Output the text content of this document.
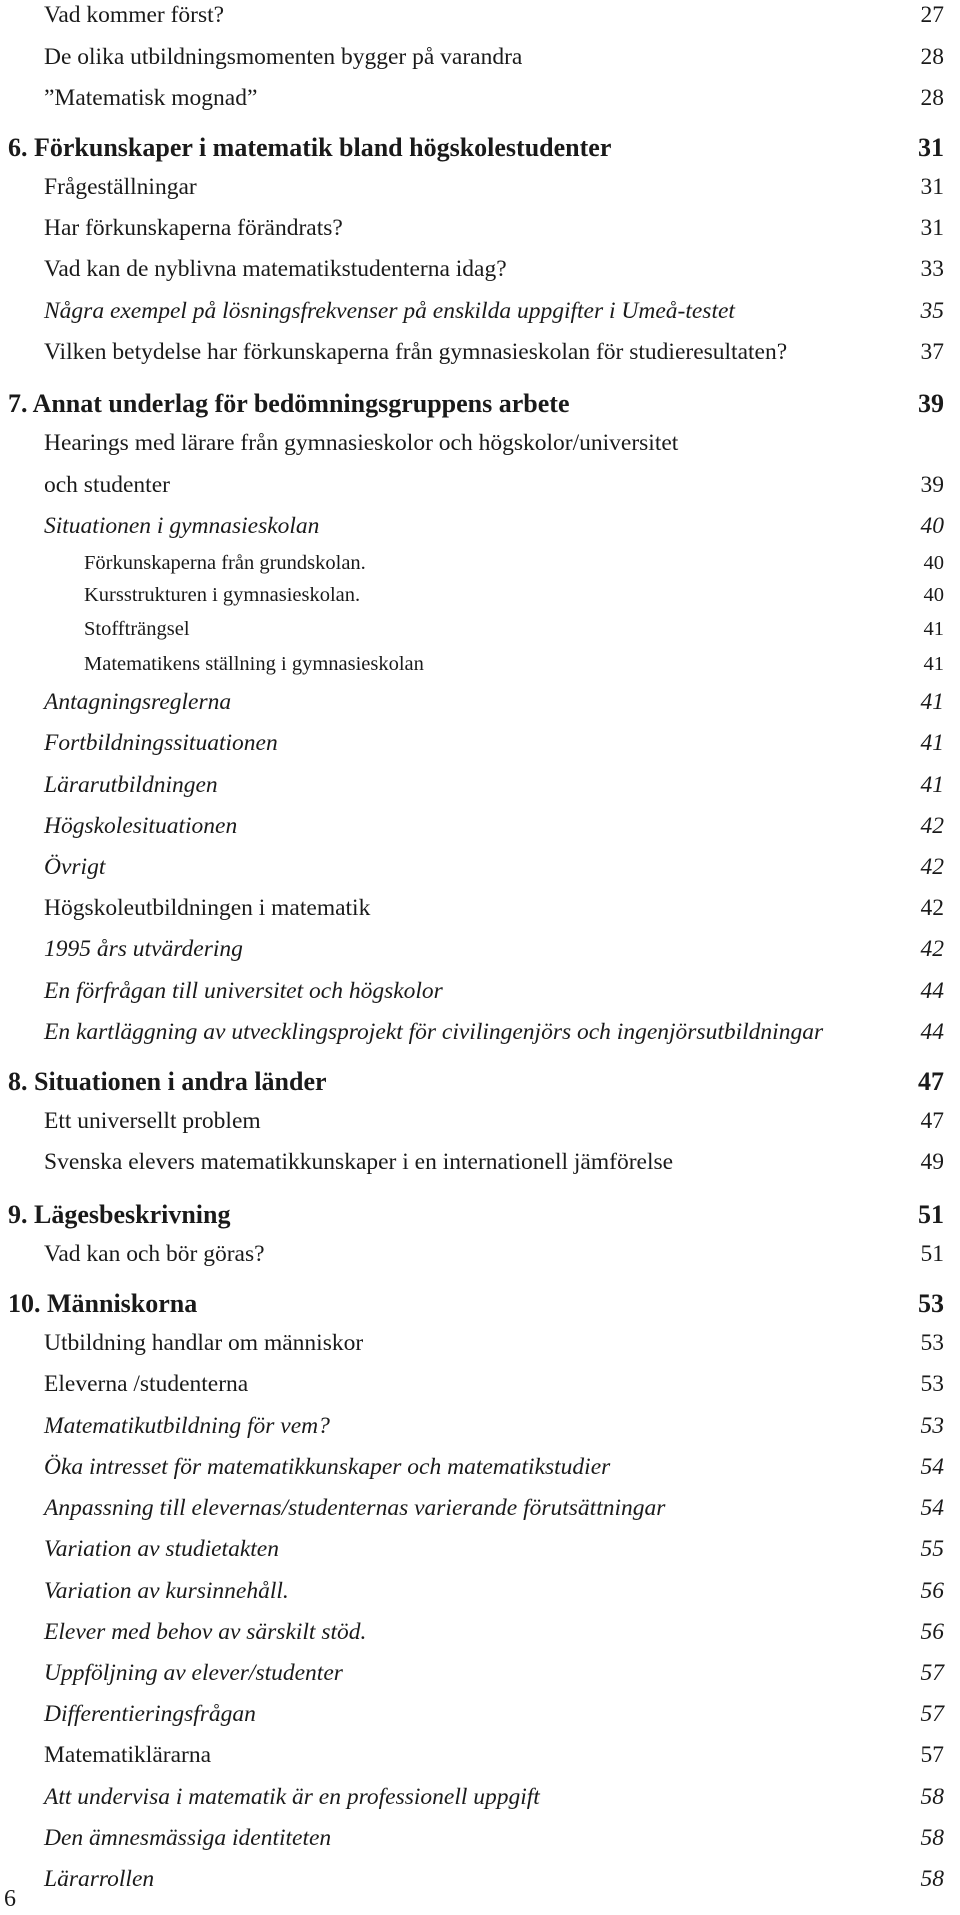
Vad kommer först?	27
De olika utbildningsmomenten bygger på varandra	28
”Matematisk mognad”	28
6. Förkunskaper i matematik bland högskolestudenter	31
Frågeställningar	31
Har förkunskaperna förändrats?	31
Vad kan de nyblivna matematikstudenterna idag?	33
Några exempel på lösningsfrekvenser på enskilda uppgifter i Umeå-testet	35
Vilken betydelse har förkunskaperna från gymnasieskolan för studieresultaten?	37
7. Annat underlag för bedömningsgruppens arbete	39
Hearings med lärare från gymnasieskolor och högskolor/universitet
och studenter	39
Situationen i gymnasieskolan	40
Förkunskaperna från grundskolan.	40
Kursstrukturen i gymnasieskolan.	40
Stoffträngsel	41
Matematikens ställning i gymnasieskolan	41
Antagningsreglerna	41
Fortbildningssituationen	41
Lärarutbildningen	41
Högskolesituationen	42
Övrigt	42
Högskoleutbildningen i matematik	42
1995 års utvärdering	42
En förfrågan till universitet och högskolor	44
En kartläggning av utvecklingsprojekt för civilingenjörs och ingenjörsutbildningar	44
8. Situationen i andra länder	47
Ett universellt problem	47
Svenska elevers matematikkunskaper i en internationell jämförelse	49
9. Lägesbeskrivning	51
Vad kan och bör göras?	51
10. Människorna	53
Utbildning handlar om människor	53
Eleverna /studenterna	53
Matematikutbildning för vem?	53
Öka intresset för matematikkunskaper och matematikstudier	54
Anpassning till elevernas/studenternas varierande förutsättningar	54
Variation av studietakten	55
Variation av kursinnehåll.	56
Elever med behov av särskilt stöd.	56
Uppföljning av elever/studenter	57
Differentieringsfrågan	57
Matematiklärarna	57
Att undervisa i matematik är en professionell uppgift	58
Den ämnesmässiga identiteten	58
Lärarrollen	58
6
